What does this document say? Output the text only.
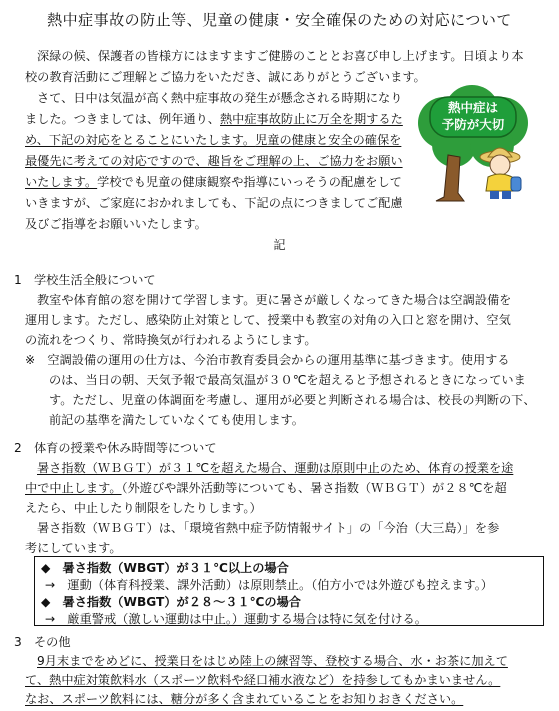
熱中症事故の防止等、児童の健康・安全確保のための対応について
深緑の候、保護者の皆様方にはますますご健勝のこととお喜び申し上げます。日頃より本
校の教育活動にご理解とご協力をいただき、誠にありがとうございます。
さて、日中は気温が高く熱中症事故の発生が懸念される時期になり
ました。つきましては、例年通り、熱中症事故防止に万全を期するた
め、下記の対応をとることにいたします。児童の健康と安全の確保を
最優先に考えての対応ですので、趣旨をご理解の上、ご協力をお願い
いたします。学校でも児童の健康観察や指導にいっそうの配慮をして
いきますが、ご家庭におかれましても、下記の点につきましてご配慮
及びご指導をお願いいたします。
熱中症は
予防が大切
記
1　学校生活全般について
教室や体育館の窓を開けて学習します。更に暑さが厳しくなってきた場合は空調設備を
運用します。ただし、感染防止対策として、授業中も教室の対角の入口と窓を開け、空気
の流れをつくり、常時換気が行われるようにします。
※　空調設備の運用の仕方は、今治市教育委員会からの運用基準に基づきます。使用する
のは、当日の朝、天気予報で最高気温が３０℃を超えると予想されるときになっていま
す。ただし、児童の体調面を考慮し、運用が必要と判断される場合は、校長の判断の下、
前記の基準を満たしていなくても使用します。
2　体育の授業や休み時間等について
暑さ指数（ＷＢＧＴ）が３１℃を超えた場合、運動は原則中止のため、体育の授業を途
中で中止します。（外遊びや課外活動等についても、暑さ指数（ＷＢＧＴ）が２８℃を超
えたら、中止したり制限をしたりします。）
暑さ指数（ＷＢＧＴ）は、「環境省熱中症予防情報サイト」の「今治（大三島）」を参
考にしています。
◆　暑さ指数（WBGT）が３１℃以上の場合
→　運動（体育科授業、課外活動）は原則禁止。（伯方小では外遊びも控えます。）
◆　暑さ指数（WBGT）が２８～３１℃の場合
→　厳重警戒（激しい運動は中止。）運動する場合は特に気を付ける。
3　その他
9月末までをめどに、授業日をはじめ陸上の練習等、登校する場合、水・お茶に加えて
て、熱中症対策飲料水（スポーツ飲料や経口補水液など）を持参してもかまいません。
なお、スポーツ飲料には、糖分が多く含まれていることをお知りおきください。
